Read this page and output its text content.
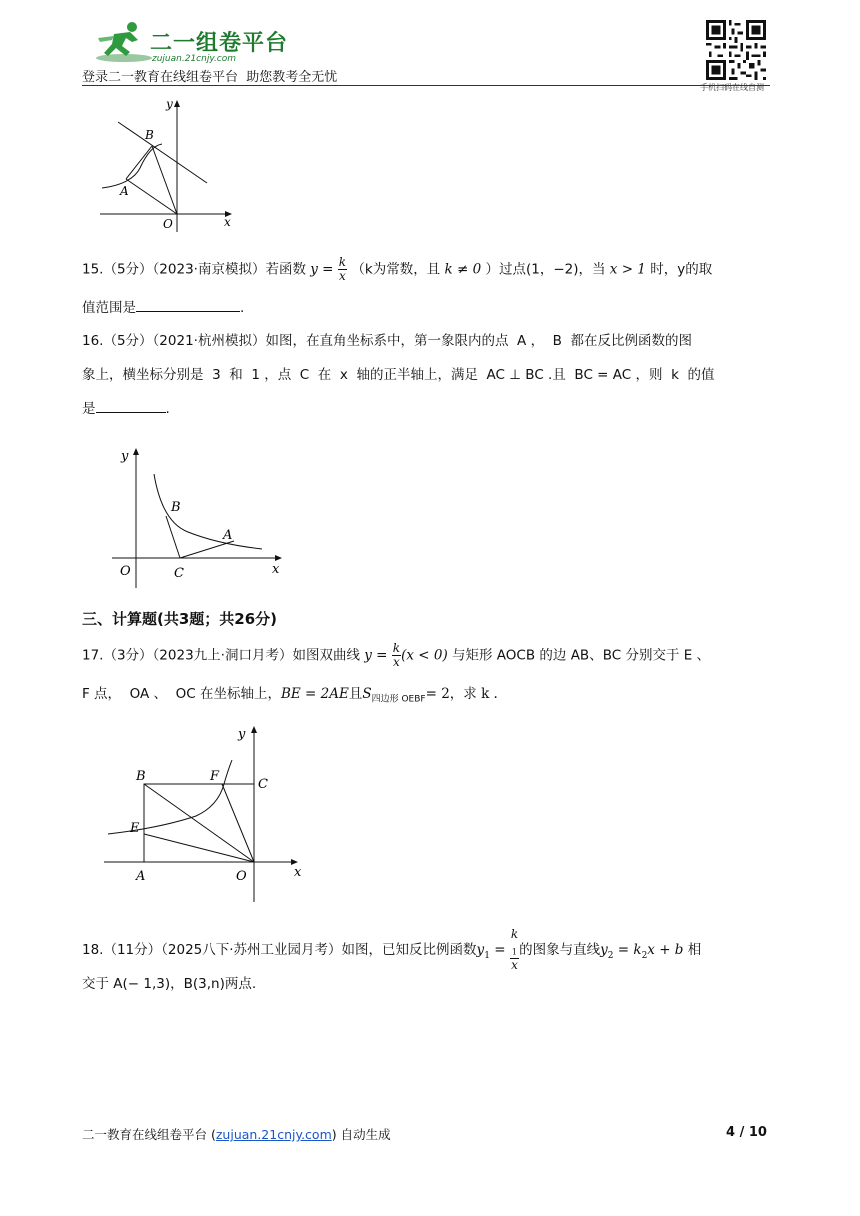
二一组卷平台
zujuan.21cnjy.com
登录二一教育在线组卷平台  助您教考全无忧
手机扫码在线自测
y
x
B
A
O
15.（5分）（2023·南京模拟）若函数 $y = \frac{k}{x} (k$为常数，且 k ≠ 0 ）过点(1，−2)，当 x > 1 时，y的取
值范围是	.
16.（5分）（2021·杭州模拟）如图，在直角坐标系中，第一象限内的点  A ，  B  都在反比例函数的图
象上，横坐标分别是  3  和  1 ，点  C  在  x  轴的正半轴上，满足  AC ⊥ BC .且  BC = AC ，则  k  的值
是	.
y
x
B
A
O	C
三、计算题(共3题；共26分)
17.（3分）（2023九上·洞口月考）如图双曲线 $y = \frac{k}{x} (x < 0)$ 与矩形 AOCB 的边 AB、BC 分别交于 E 、
F 点，  OA 、  OC 在坐标轴上，BE = 2AE且$S_{四边形 OEBF}= 2$，求 k .
y
x
B	F
C
E
A	O
18.（11分）（2025八下·苏州工业园月考）如图，已知反比例函数$y_1 = k$
$_1$
x 的图象与直线$y_2 = k_2x + b$ 相
交于 A(− 1,3)，B(3,n)两点.
二一教育在线组卷平台 (zujuan.21cnjy.com) 自动生成	4 / 10
